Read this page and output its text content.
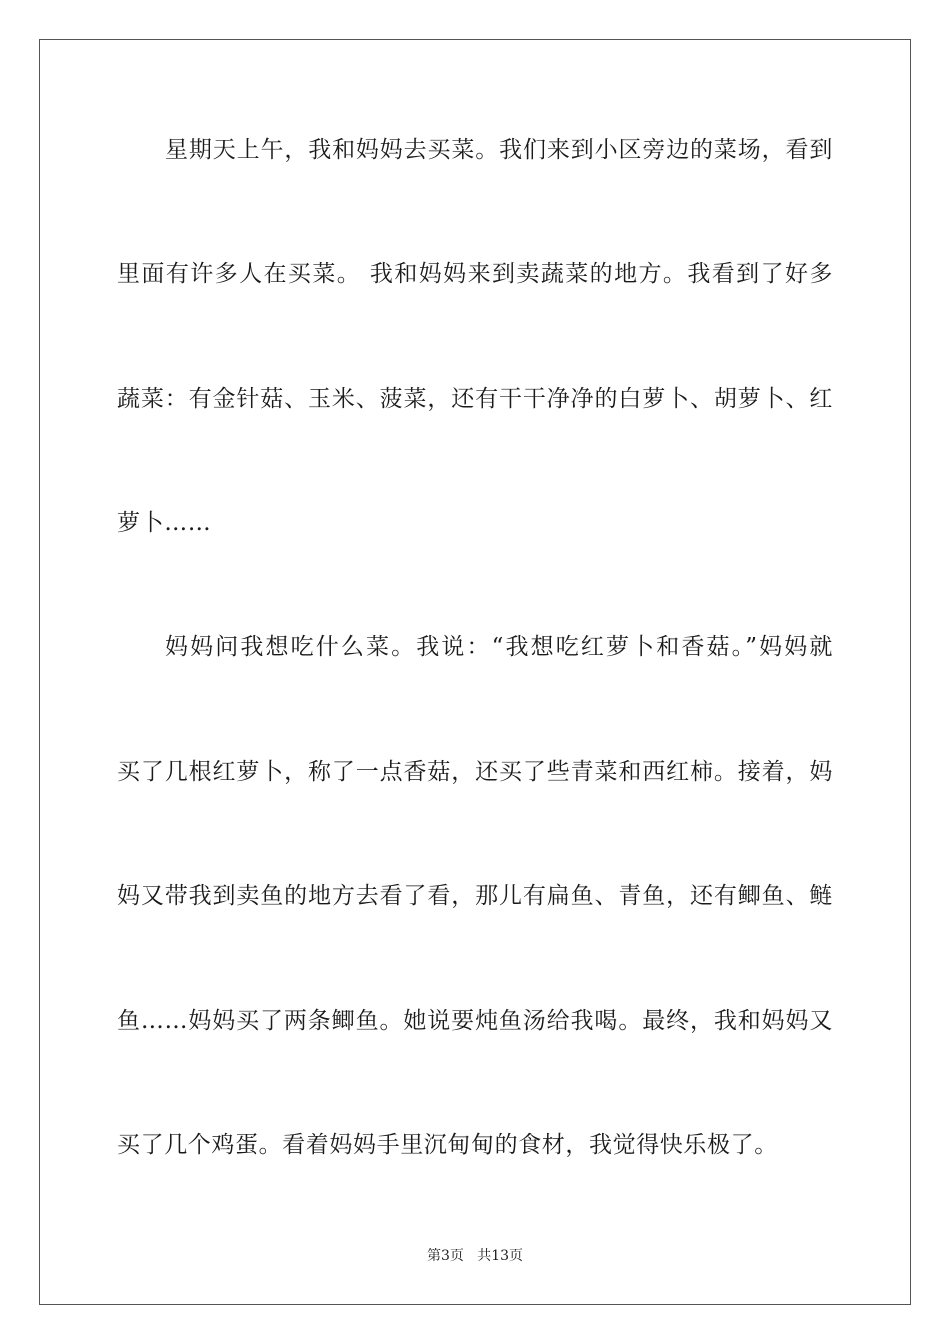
星期天上午，我和妈妈去买菜。我们来到小区旁边的菜场，看到
里面有许多人在买菜。 我和妈妈来到卖蔬菜的地方。我看到了好多
蔬菜：有金针菇、玉米、菠菜，还有干干净净的白萝卜、胡萝卜、红
萝卜……
妈妈问我想吃什么菜。我说：“我想吃红萝卜和香菇。”妈妈就
买了几根红萝卜，称了一点香菇，还买了些青菜和西红柿。接着，妈
妈又带我到卖鱼的地方去看了看，那儿有扁鱼、青鱼，还有鲫鱼、鲢
鱼……妈妈买了两条鲫鱼。她说要炖鱼汤给我喝。最终，我和妈妈又
买了几个鸡蛋。看着妈妈手里沉甸甸的食材，我觉得快乐极了。
第3页   共13页
